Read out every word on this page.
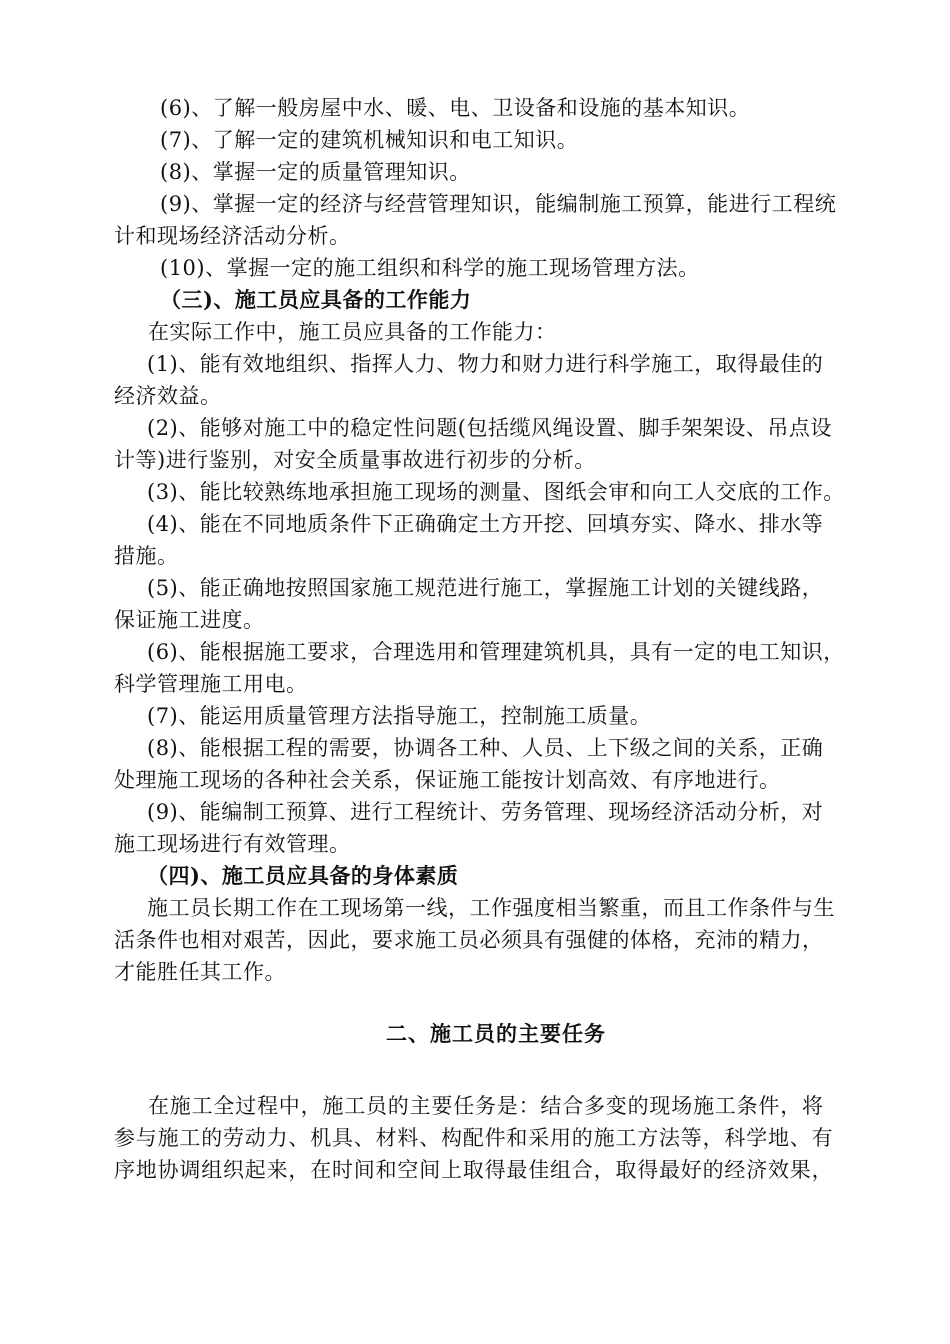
(6)、了解一般房屋中水、暖、电、卫设备和设施的基本知识。
(7)、了解一定的建筑机械知识和电工知识。
(8)、掌握一定的质量管理知识。
(9)、掌握一定的经济与经营管理知识，能编制施工预算，能进行工程统
计和现场经济活动分析。
(10)、掌握一定的施工组织和科学的施工现场管理方法。
（三)、施工员应具备的工作能力
在实际工作中，施工员应具备的工作能力：
(1)、能有效地组织、指挥人力、物力和财力进行科学施工，取得最佳的
经济效益。
(2)、能够对施工中的稳定性问题(包括缆风绳设置、脚手架架设、吊点设
计等)进行鉴别，对安全质量事故进行初步的分析。
(3)、能比较熟练地承担施工现场的测量、图纸会审和向工人交底的工作。
(4)、能在不同地质条件下正确确定土方开挖、回填夯实、降水、排水等
措施。
(5)、能正确地按照国家施工规范进行施工，掌握施工计划的关键线路，
保证施工进度。
(6)、能根据施工要求，合理选用和管理建筑机具，具有一定的电工知识，
科学管理施工用电。
(7)、能运用质量管理方法指导施工，控制施工质量。
(8)、能根据工程的需要，协调各工种、人员、上下级之间的关系，正确
处理施工现场的各种社会关系，保证施工能按计划高效、有序地进行。
(9)、能编制工预算、进行工程统计、劳务管理、现场经济活动分析，对
施工现场进行有效管理。
（四)、施工员应具备的身体素质
施工员长期工作在工现场第一线，工作强度相当繁重，而且工作条件与生
活条件也相对艰苦，因此，要求施工员必须具有强健的体格，充沛的精力，
才能胜任其工作。
二、施工员的主要任务
在施工全过程中，施工员的主要任务是：结合多变的现场施工条件，将
参与施工的劳动力、机具、材料、构配件和采用的施工方法等，科学地、有
序地协调组织起来，在时间和空间上取得最佳组合，取得最好的经济效果，
